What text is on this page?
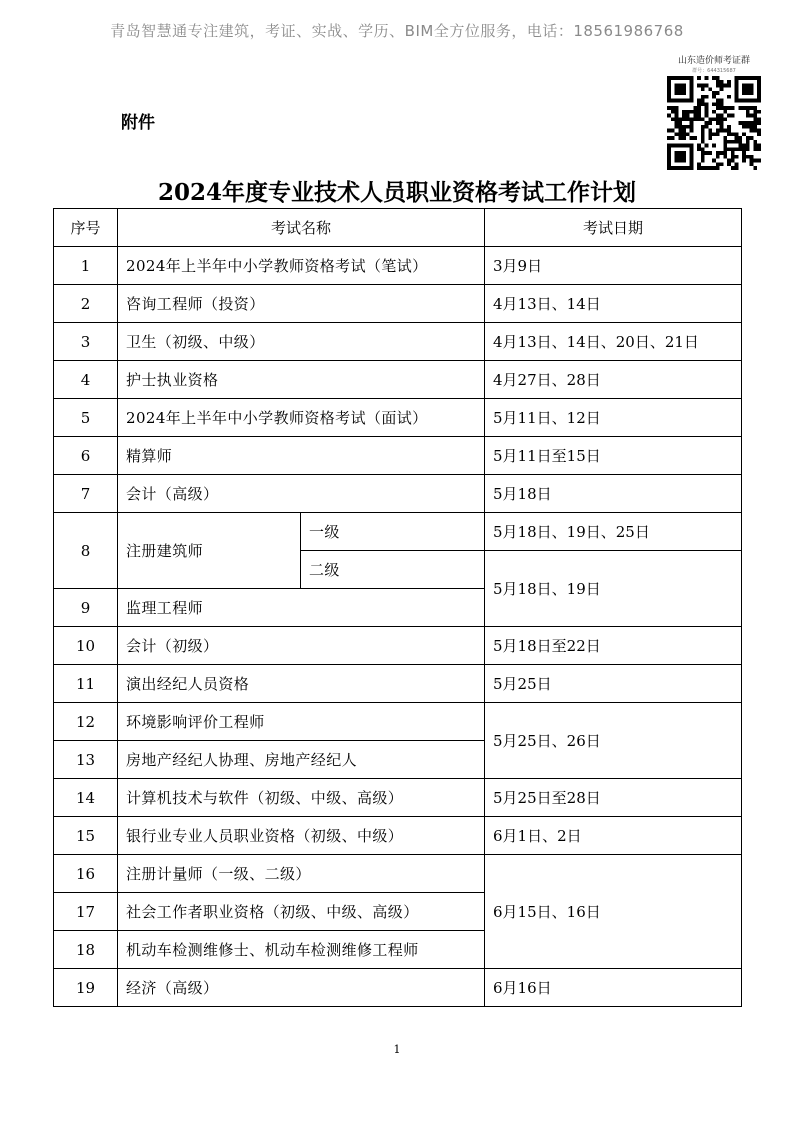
青岛智慧通专注建筑，考证、实战、学历、BIM全方位服务，电话：18561986768
山东造价师考证群
群号：644315687
附件
2024年度专业技术人员职业资格考试工作计划
序号	考试名称		考试日期
1	2024年上半年中小学教师资格考试（笔试）		3月9日
2	咨询工程师（投资）		4月13日、14日
3	卫生（初级、中级）		4月13日、14日、20日、21日
4	护士执业资格		4月27日、28日
5	2024年上半年中小学教师资格考试（面试）		5月11日、12日
6	精算师		5月11日至15日
7	会计（高级）		5月18日
8	注册建筑师	一级	5月18日、19日、25日
		二级	5月18日、19日
9	监理工程师		
10	会计（初级）		5月18日至22日
11	演出经纪人员资格		5月25日
12	环境影响评价工程师		5月25日、26日
13	房地产经纪人协理、房地产经纪人		
14	计算机技术与软件（初级、中级、高级）		5月25日至28日
15	银行业专业人员职业资格（初级、中级）		6月1日、2日
16	注册计量师（一级、二级）		6月15日、16日
17	社会工作者职业资格（初级、中级、高级）		
18	机动车检测维修士、机动车检测维修工程师		
19	经济（高级）		6月16日
1
